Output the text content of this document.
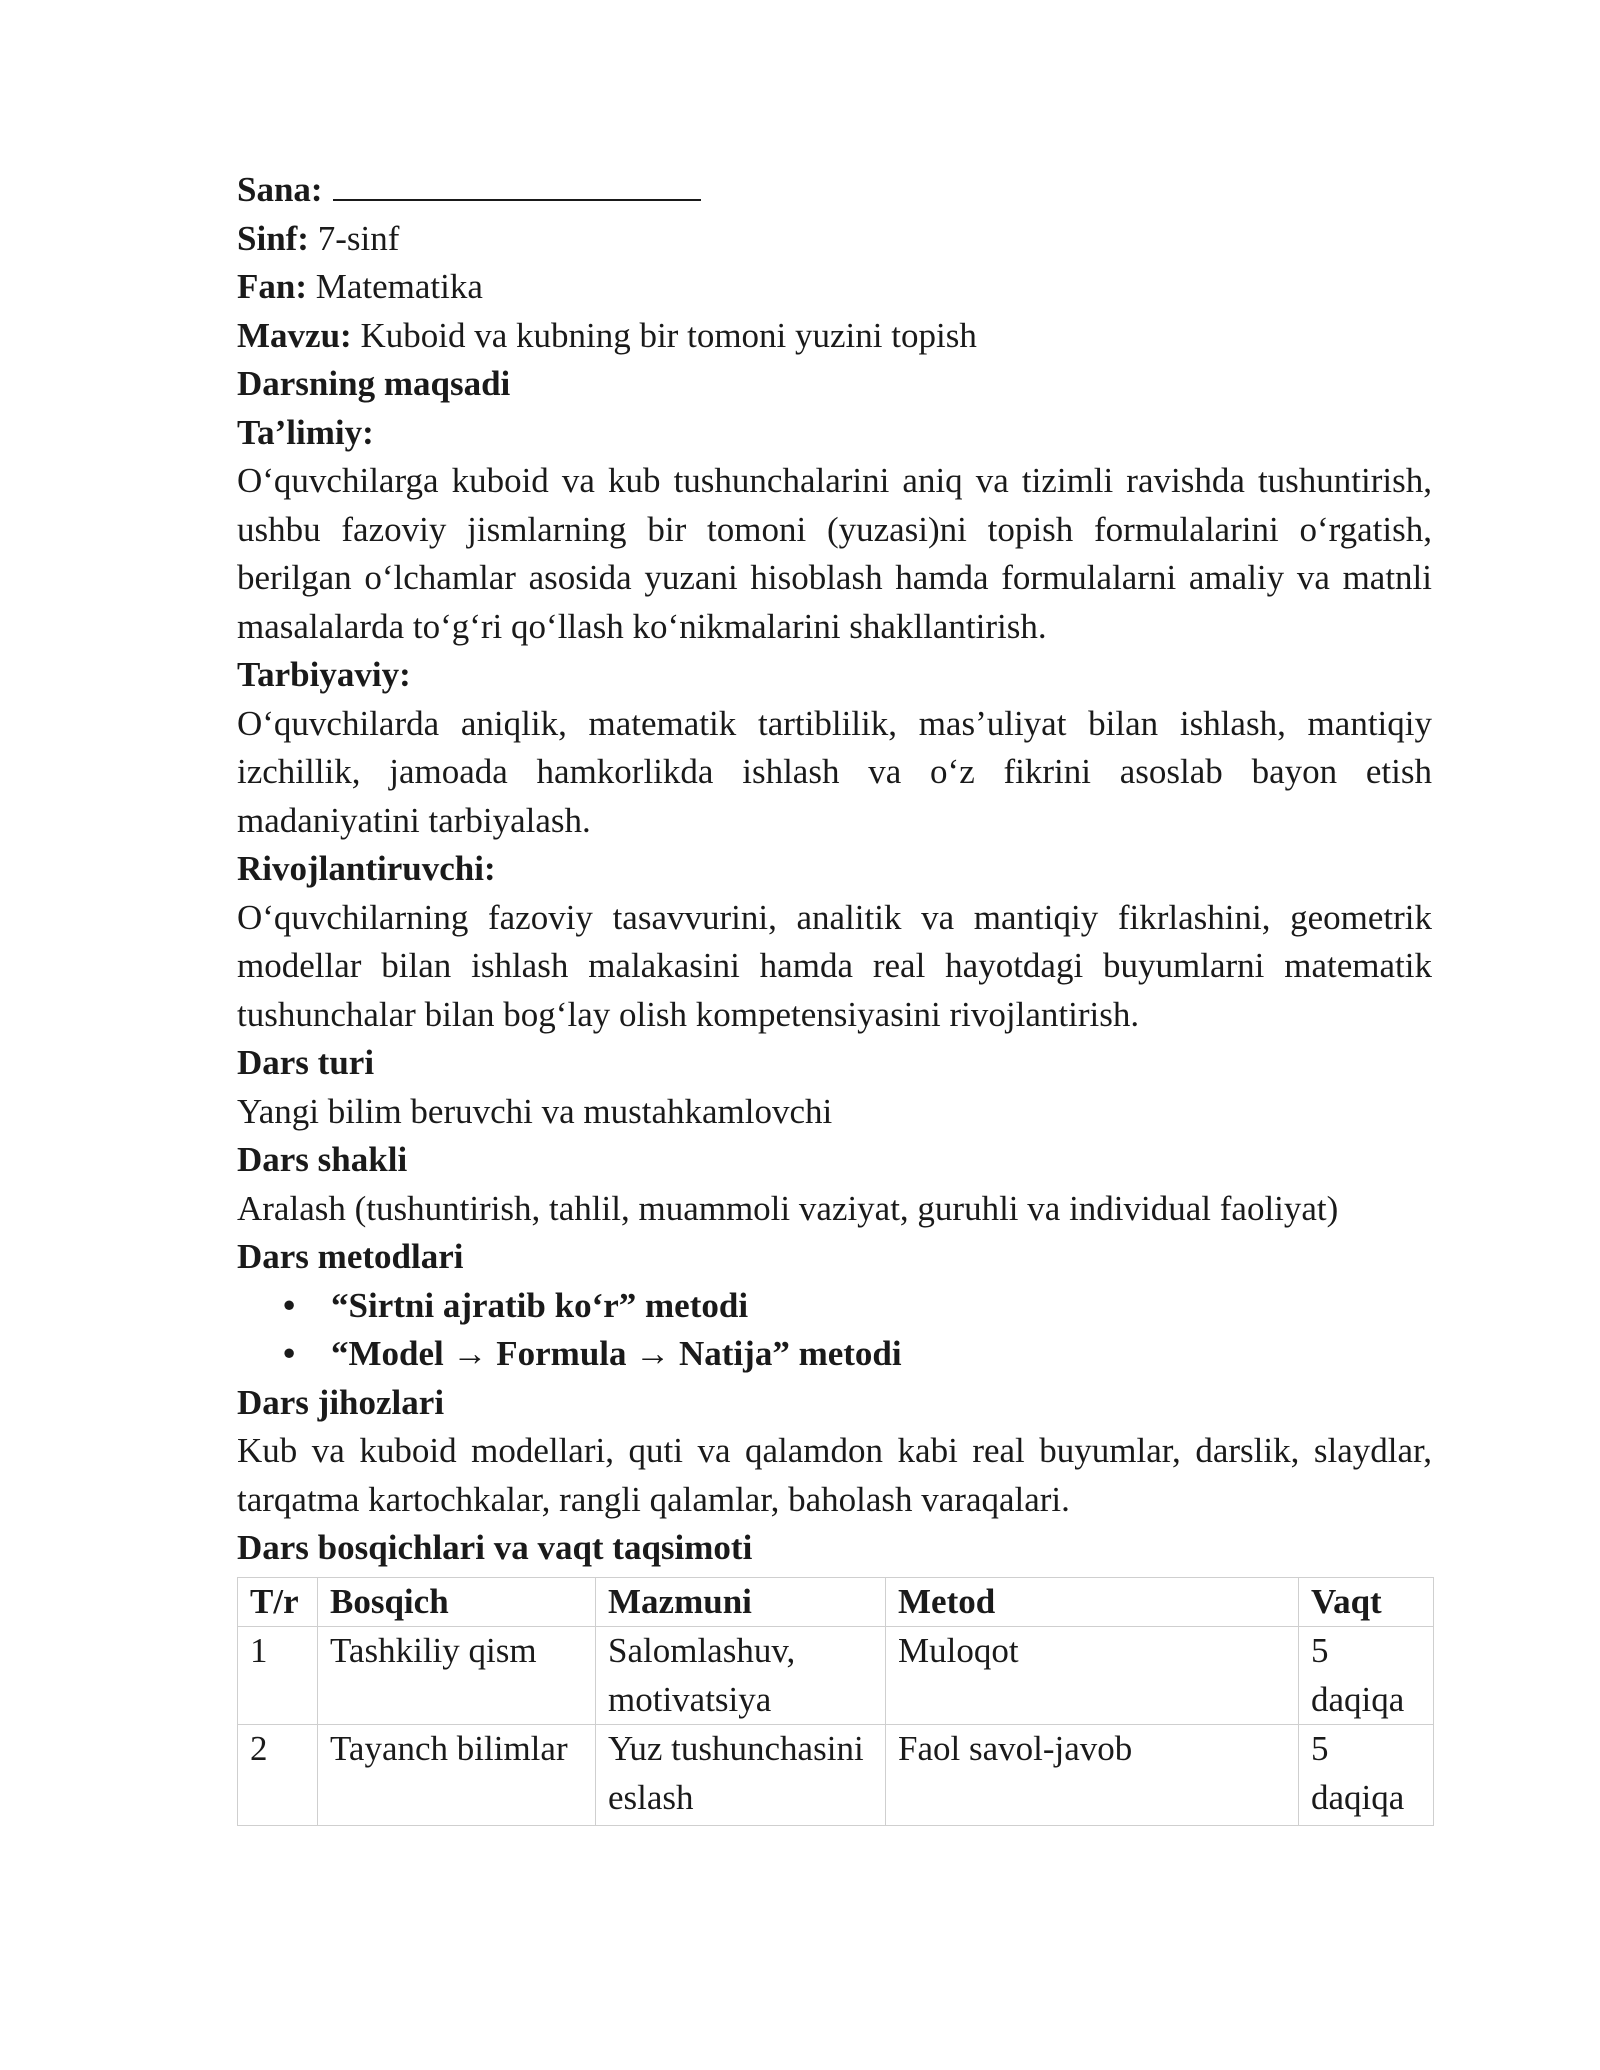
Sana:

Sinf: 7-sinf

Fan: Matematika

Mavzu: Kuboid va kubning bir tomoni yuzini topish

Darsning maqsadi

Ta’limiy:

O‘quvchilarga kuboid va kub tushunchalarini aniq va tizimli ravishda tushuntirish, ushbu fazoviy jismlarning bir tomoni (yuzasi)ni topish formulalarini o‘rgatish, berilgan o‘lchamlar asosida yuzani hisoblash hamda formulalarni amaliy va matnli masalalarda to‘g‘ri qo‘llash ko‘nikmalarini shakllantirish.

Tarbiyaviy:

O‘quvchilarda aniqlik, matematik tartiblilik, mas’uliyat bilan ishlash, mantiqiy izchillik, jamoada hamkorlikda ishlash va o‘z fikrini asoslab bayon etish madaniyatini tarbiyalash.

Rivojlantiruvchi:

O‘quvchilarning fazoviy tasavvurini, analitik va mantiqiy fikrlashini, geometrik modellar bilan ishlash malakasini hamda real hayotdagi buyumlarni matematik tushunchalar bilan bog‘lay olish kompetensiyasini rivojlantirish.

Dars turi

Yangi bilim beruvchi va mustahkamlovchi

Dars shakli

Aralash (tushuntirish, tahlil, muammoli vaziyat, guruhli va individual faoliyat)

Dars metodlari

• “Sirtni ajratib ko‘r” metodi
• “Model → Formula → Natija” metodi

Dars jihozlari

Kub va kuboid modellari, quti va qalamdon kabi real buyumlar, darslik, slaydlar, tarqatma kartochkalar, rangli qalamlar, baholash varaqalari.

Dars bosqichlari va vaqt taqsimoti

T/r	Bosqich	Mazmuni	Metod	Vaqt
1	Tashkiliy qism	Salomlashuv, motivatsiya	Muloqot	5 daqiqa
2	Tayanch bilimlar	Yuz tushunchasini eslash	Faol savol-javob	5 daqiqa
